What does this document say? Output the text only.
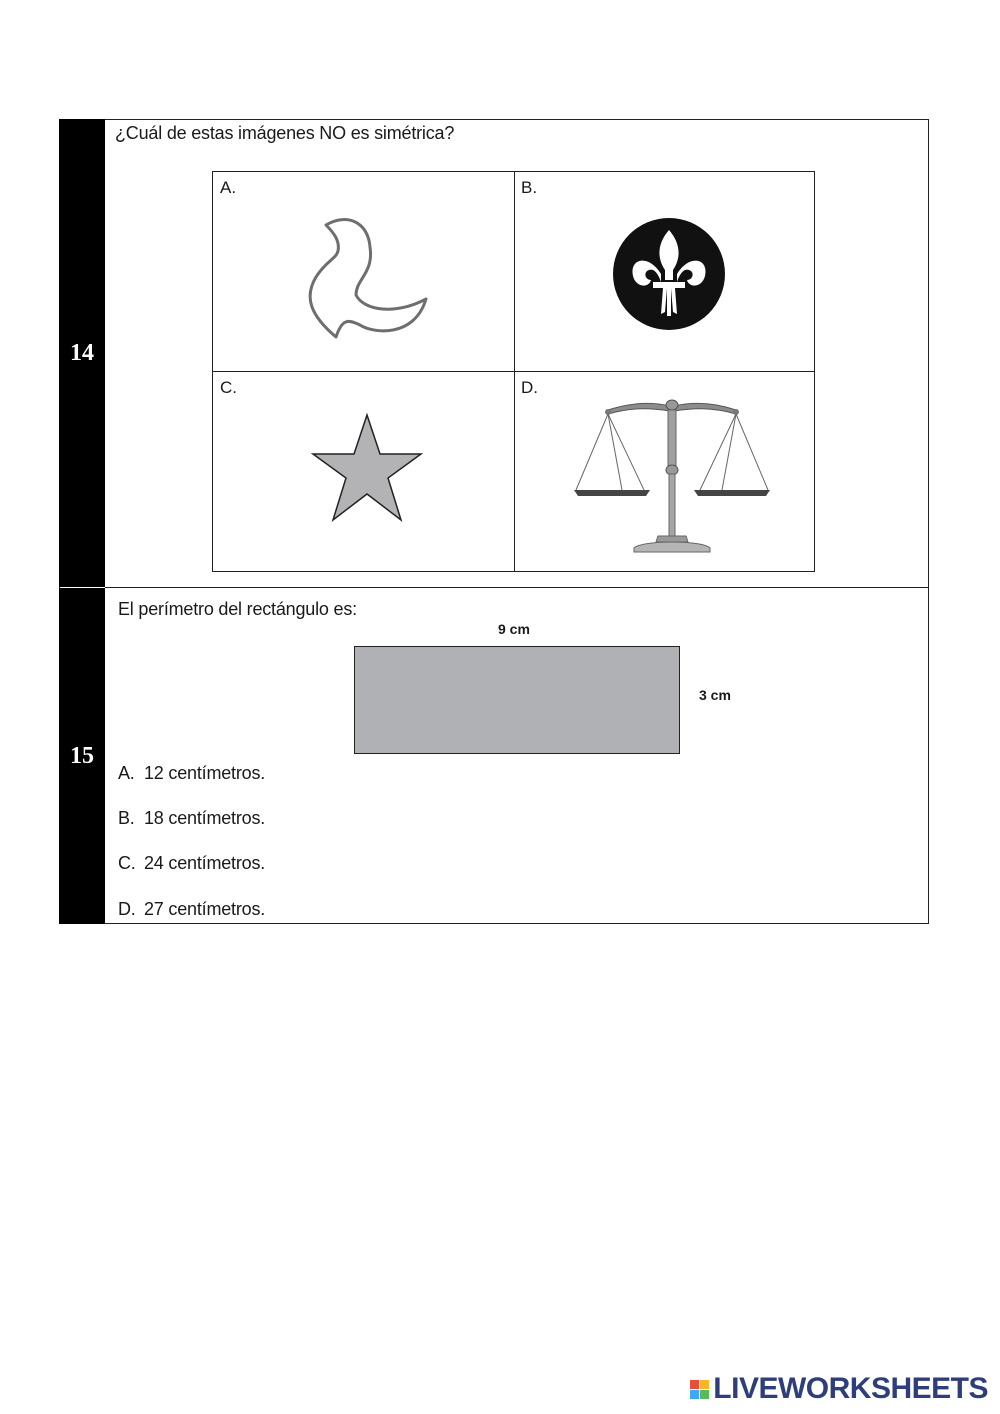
14
15
¿Cuál de estas imágenes NO es simétrica?
A.	B.
C.	D.
El perímetro del rectángulo es:
9 cm
3 cm
A. 12 centímetros.
B. 18 centímetros.
C. 24 centímetros.
D. 27 centímetros.
LIVEWORKSHEETS
